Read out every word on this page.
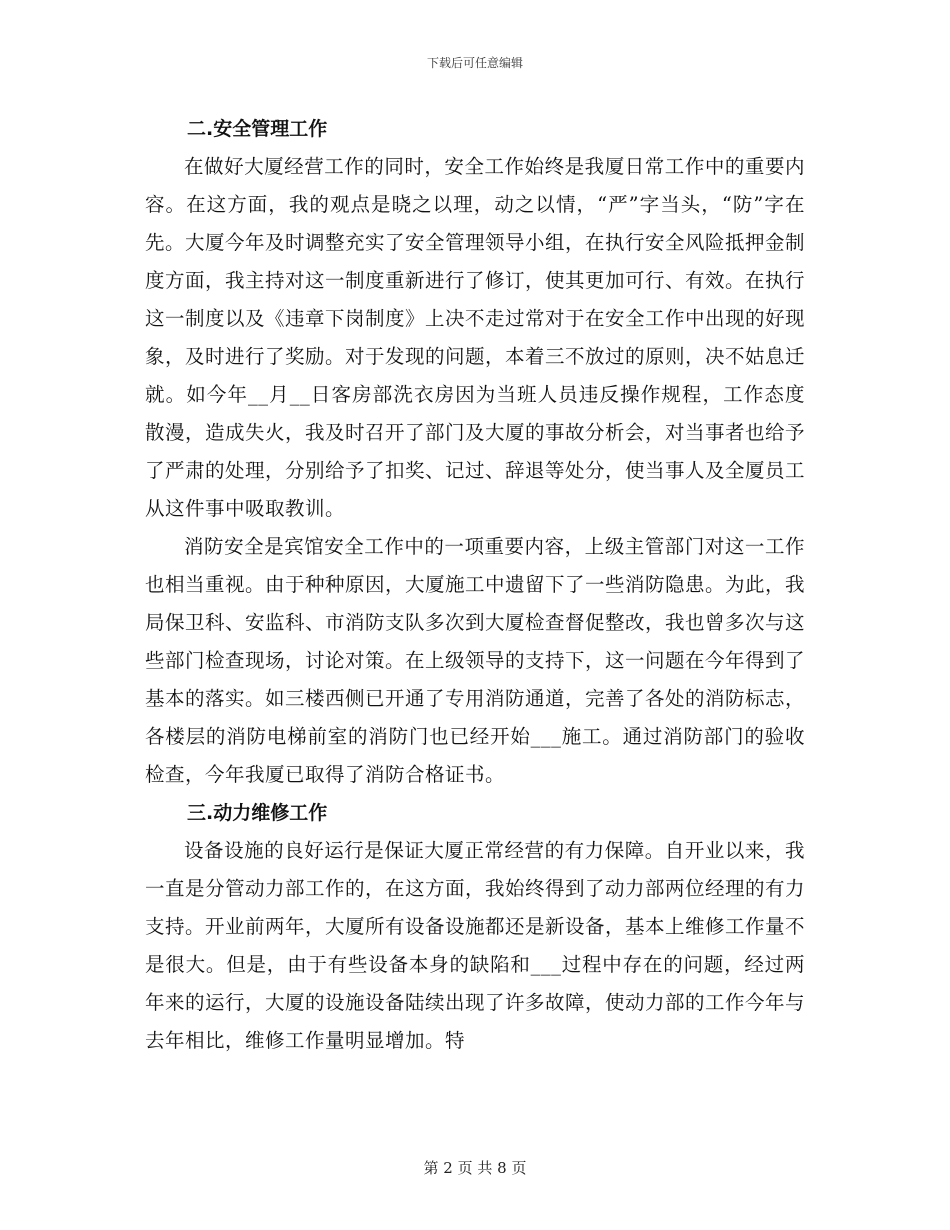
下载后可任意编辑
二.安全管理工作

在做好大厦经营工作的同时，安全工作始终是我厦日常工作中的重要内容。在这方面，我的观点是晓之以理，动之以情，“严”字当头，“防”字在先。大厦今年及时调整充实了安全管理领导小组，在执行安全风险抵押金制度方面，我主持对这一制度重新进行了修订，使其更加可行、有效。在执行这一制度以及《违章下岗制度》上决不走过常对于在安全工作中出现的好现象，及时进行了奖励。对于发现的问题，本着三不放过的原则，决不姑息迁就。如今年__月__日客房部洗衣房因为当班人员违反操作规程，工作态度散漫，造成失火，我及时召开了部门及大厦的事故分析会，对当事者也给予了严肃的处理，分别给予了扣奖、记过、辞退等处分，使当事人及全厦员工从这件事中吸取教训。

消防安全是宾馆安全工作中的一项重要内容，上级主管部门对这一工作也相当重视。由于种种原因，大厦施工中遗留下了一些消防隐患。为此，我局保卫科、安监科、市消防支队多次到大厦检查督促整改，我也曾多次与这些部门检查现场，讨论对策。在上级领导的支持下，这一问题在今年得到了基本的落实。如三楼西侧已开通了专用消防通道，完善了各处的消防标志，各楼层的消防电梯前室的消防门也已经开始___施工。通过消防部门的验收检查，今年我厦已取得了消防合格证书。

三.动力维修工作

设备设施的良好运行是保证大厦正常经营的有力保障。自开业以来，我一直是分管动力部工作的，在这方面，我始终得到了动力部两位经理的有力支持。开业前两年，大厦所有设备设施都还是新设备，基本上维修工作量不是很大。但是，由于有些设备本身的缺陷和___过程中存在的问题，经过两年来的运行，大厦的设施设备陆续出现了许多故障，使动力部的工作今年与去年相比，维修工作量明显增加。特

第 2 页 共 8 页
